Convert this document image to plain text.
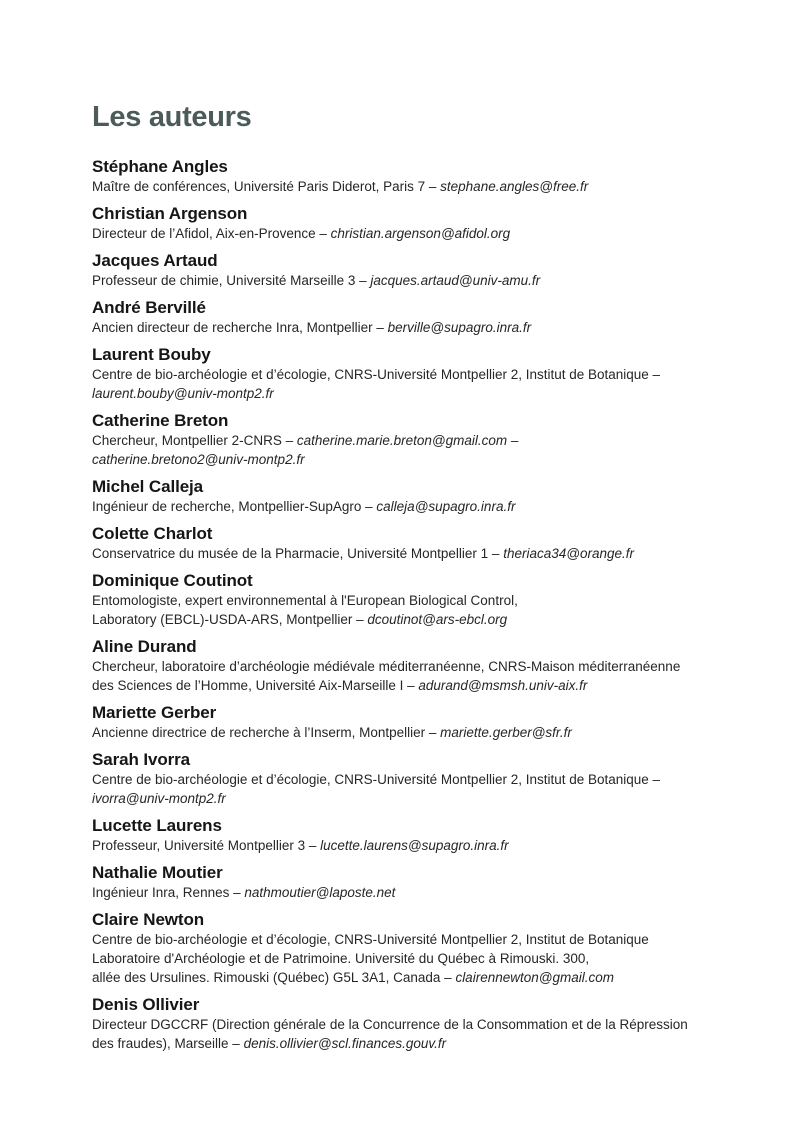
Les auteurs
Stéphane Angles

Maître de conférences, Université Paris Diderot, Paris 7 – stephane.angles@free.fr

Christian Argenson

Directeur de l’Afidol, Aix-en-Provence – christian.argenson@afidol.org

Jacques Artaud

Professeur de chimie, Université Marseille 3 – jacques.artaud@univ-amu.fr

André Bervillé

Ancien directeur de recherche Inra, Montpellier – berville@supagro.inra.fr

Laurent Bouby

Centre de bio-archéologie et d’écologie, CNRS-Université Montpellier 2, Institut de Botanique –
laurent.bouby@univ-montp2.fr

Catherine Breton

Chercheur, Montpellier 2-CNRS – catherine.marie.breton@gmail.com –
catherine.bretono2@univ-montp2.fr

Michel Calleja

Ingénieur de recherche, Montpellier-SupAgro – calleja@supagro.inra.fr

Colette Charlot

Conservatrice du musée de la Pharmacie, Université Montpellier 1 – theriaca34@orange.fr

Dominique Coutinot

Entomologiste, expert environnemental à l'European Biological Control,
Laboratory (EBCL)-USDA-ARS, Montpellier – dcoutinot@ars-ebcl.org

Aline Durand

Chercheur, laboratoire d’archéologie médiévale méditerranéenne, CNRS-Maison méditerranéenne
des Sciences de l’Homme, Université Aix-Marseille I – adurand@msmsh.univ-aix.fr

Mariette Gerber

Ancienne directrice de recherche à l’Inserm, Montpellier – mariette.gerber@sfr.fr

Sarah Ivorra

Centre de bio-archéologie et d’écologie, CNRS-Université Montpellier 2, Institut de Botanique –
ivorra@univ-montp2.fr

Lucette Laurens

Professeur, Université Montpellier 3 – lucette.laurens@supagro.inra.fr

Nathalie Moutier

Ingénieur Inra, Rennes – nathmoutier@laposte.net

Claire Newton

Centre de bio-archéologie et d’écologie, CNRS-Université Montpellier 2, Institut de Botanique
Laboratoire d'Archéologie et de Patrimoine. Université du Québec à Rimouski. 300,
allée des Ursulines. Rimouski (Québec) G5L 3A1, Canada – clairennewton@gmail.com

Denis Ollivier

Directeur DGCCRF (Direction générale de la Concurrence de la Consommation et de la Répression
des fraudes), Marseille – denis.ollivier@scl.finances.gouv.fr
